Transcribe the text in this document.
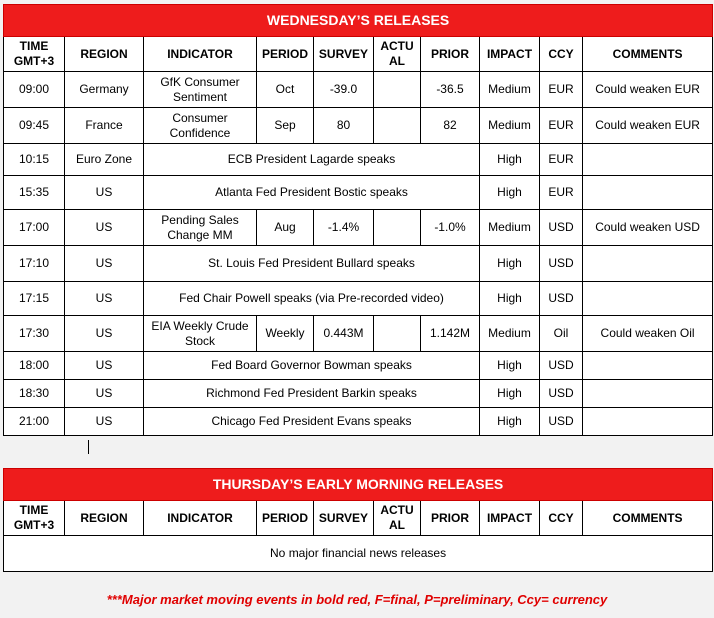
WEDNESDAY’S RELEASES									
TIME GMT+3	REGION	INDICATOR	PERIOD	SURVEY	ACTU AL	PRIOR	IMPACT	CCY	COMMENTS
09:00	Germany	GfK Consumer Sentiment	Oct	-39.0		-36.5	Medium	EUR	Could weaken EUR
09:45	France	Consumer Confidence	Sep	80		82	Medium	EUR	Could weaken EUR
10:15	Euro Zone	ECB President Lagarde speaks					High	EUR	
15:35	US	Atlanta Fed President Bostic speaks					High	EUR	
17:00	US	Pending Sales Change MM	Aug	-1.4%		-1.0%	Medium	USD	Could weaken USD
17:10	US	St. Louis Fed President Bullard speaks					High	USD	
17:15	US	Fed Chair Powell speaks (via Pre-recorded video)					High	USD	
17:30	US	EIA Weekly Crude Stock	Weekly	0.443M		1.142M	Medium	Oil	Could weaken Oil
18:00	US	Fed Board Governor Bowman speaks					High	USD	
18:30	US	Richmond Fed President Barkin speaks					High	USD	
21:00	US	Chicago Fed President Evans speaks					High	USD	
THURSDAY’S EARLY MORNING RELEASES
TIME GMT+3	REGION	INDICATOR	PERIOD	SURVEY	ACTU AL	PRIOR	IMPACT	CCY	COMMENTS
No major financial news releases
***Major market moving events in bold red, F=final, P=preliminary, Ccy= currency
